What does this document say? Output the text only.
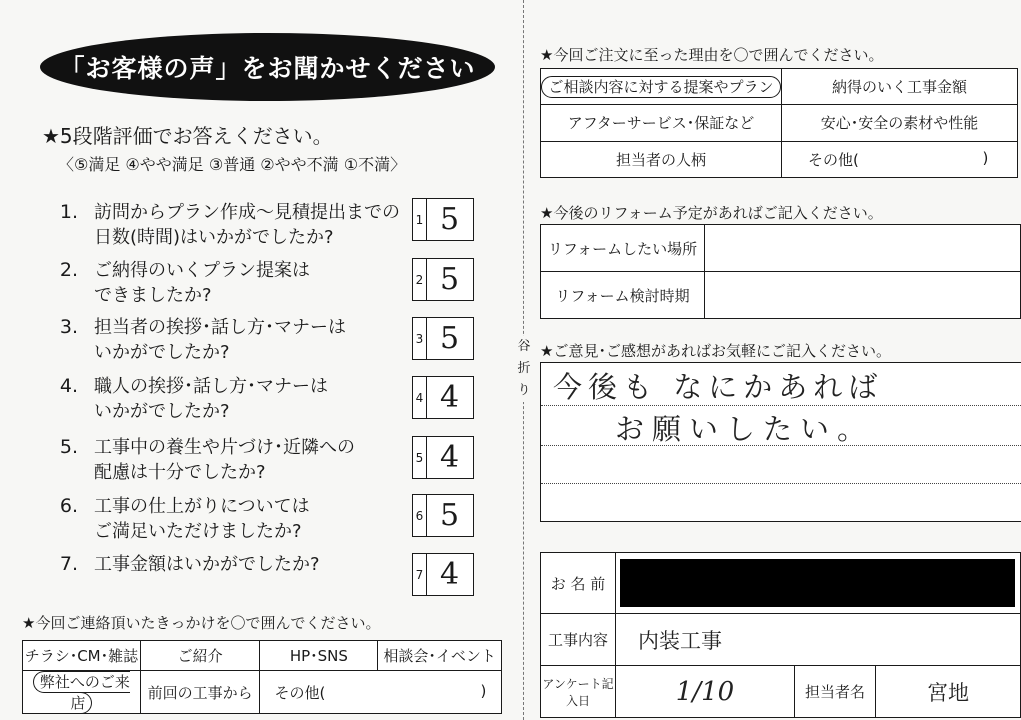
「お客様の声」をお聞かせください
★5段階評価でお答えください。
〈⑤満足 ④やや満足 ③普通 ②やや不満 ①不満〉
1. 訪問からプラン作成～見積提出までの
日数(時間)はいかがでしたか?
1 5
2. ご納得のいくプラン提案は
できましたか?
2 5
3. 担当者の挨拶･話し方･マナーは
いかがでしたか?
3 5
4. 職人の挨拶･話し方･マナーは
いかがでしたか?
4 4
5. 工事中の養生や片づけ･近隣への
配慮は十分でしたか?
5 4
6. 工事の仕上がりについては
ご満足いただけましたか?
6 5
7. 工事金額はいかがでしたか?	7 4
★今回ご連絡頂いたきっかけを〇で囲んでください。
チラシ･CM･雑誌	ご紹介	HP･SNS	相談会･イベント
弊社へのご来店	前回の工事から	その他( )	
谷
折
り
★今回ご注文に至った理由を〇で囲んでください。
ご相談内容に対する提案やプラン	納得のいく工事金額
アフターサービス･保証など	安心･安全の素材や性能
担当者の人柄	その他( )
★今後のリフォーム予定があればご記入ください。
リフォームしたい場所	
リフォーム検討時期	
★ご意見･ご感想があればお気軽にご記入ください。
今後も なにかあれば
お願いしたい。
お 名 前			

工事内容	内装工事		
アンケート記入日	1/10	担当者名	宮地
